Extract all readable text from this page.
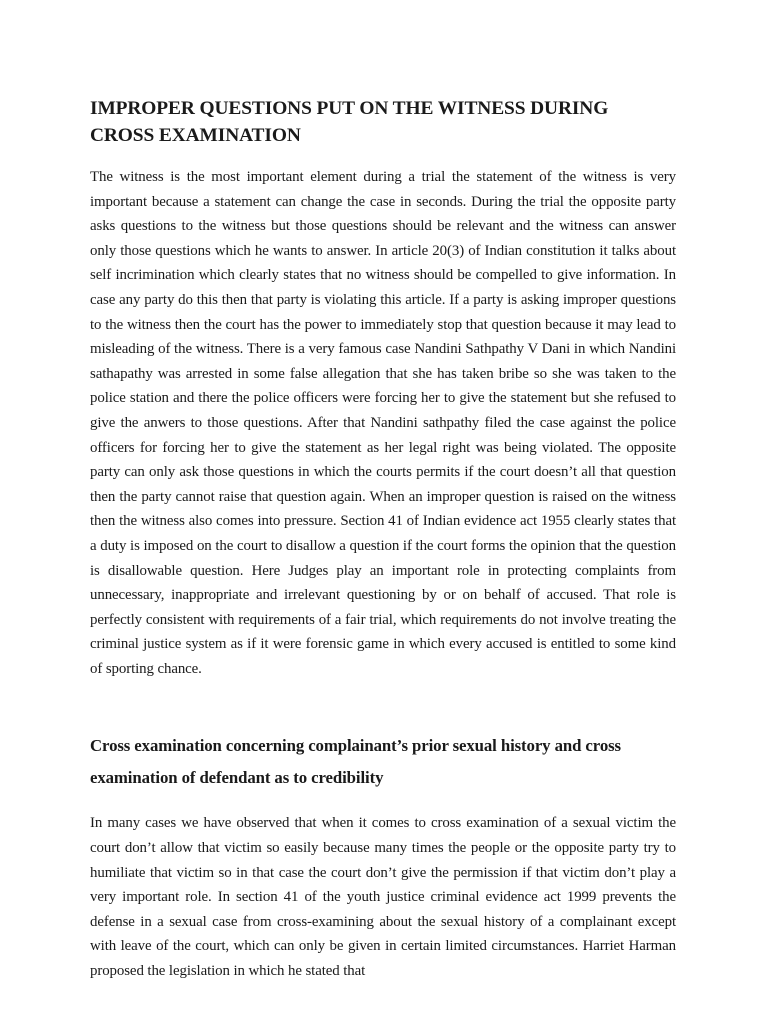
IMPROPER QUESTIONS PUT ON THE WITNESS DURING CROSS EXAMINATION

The witness is the most important element during a trial the statement of the witness is very important because a statement can change the case in seconds. During the trial the opposite party asks questions to the witness but those questions should be relevant and the witness can answer only those questions which he wants to answer. In article 20(3) of Indian constitution it talks about self incrimination which clearly states that no witness should be compelled to give information. In case any party do this then that party is violating this article. If a party is asking improper questions to the witness then the court has the power to immediately stop that question because it may lead to misleading of the witness. There is a very famous case Nandini Sathpathy V Dani in which Nandini sathapathy was arrested in some false allegation that she has taken bribe so she was taken to the police station and there the police officers were forcing her to give the statement but she refused to give the anwers to those questions. After that Nandini sathpathy filed the case against the police officers for forcing her to give the statement as her legal right was being violated. The opposite party can only ask those questions in which the courts permits if the court doesn’t all that question then the party cannot raise that question again. When an improper question is raised on the witness then the witness also comes into pressure. Section 41 of Indian evidence act 1955 clearly states that a duty is imposed on the court to disallow a question if the court forms the opinion that the question is disallowable question. Here Judges play an important role in protecting complaints from unnecessary, inappropriate and irrelevant questioning by or on behalf of accused. That role is perfectly consistent with requirements of a fair trial, which requirements do not involve treating the criminal justice system as if it were forensic game in which every accused is entitled to some kind of sporting chance.

Cross examination concerning complainant’s prior sexual history and cross examination of defendant as to credibility

In many cases we have observed that when it comes to cross examination of a sexual victim the court don’t allow that victim so easily because many times the people or the opposite party try to humiliate that victim so in that case the court don’t give the permission if that victim don’t play a very important role. In section 41 of the youth justice criminal evidence act 1999 prevents the defense in a sexual case from cross-examining about the sexual history of a complainant except with leave of the court, which can only be given in certain limited circumstances. Harriet Harman proposed the legislation in which he stated that
